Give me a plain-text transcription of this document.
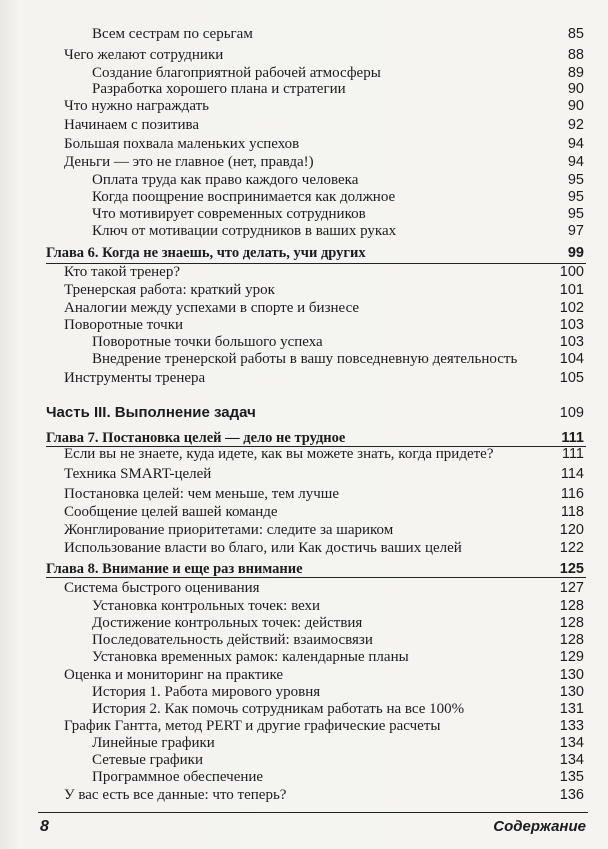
Всем сестрам по серьгам	85
Чего желают сотрудники	88
Создание благоприятной рабочей атмосферы	89
Разработка хорошего плана и стратегии	90
Что нужно награждать	90
Начинаем с позитива	92
Большая похвала маленьких успехов	94
Деньги — это не главное (нет, правда!)	94
Оплата труда как право каждого человека	95
Когда поощрение воспринимается как должное	95
Что мотивирует современных сотрудников	95
Ключ от мотивации сотрудников в ваших руках	97
Глава 6. Когда не знаешь, что делать, учи других	99
Кто такой тренер?	100
Тренерская работа: краткий урок	101
Аналогии между успехами в спорте и бизнесе	102
Поворотные точки	103
Поворотные точки большого успеха	103
Внедрение тренерской работы в вашу повседневную деятельность	104
Инструменты тренера	105
Часть III. Выполнение задач	109
Глава 7. Постановка целей — дело не трудное	111
Если вы не знаете, куда идете, как вы можете знать, когда придете?	111
Техника SMART-целей	114
Постановка целей: чем меньше, тем лучше	116
Сообщение целей вашей команде	118
Жонглирование приоритетами: следите за шариком	120
Использование власти во благо, или Как достичь ваших целей	122
Глава 8. Внимание и еще раз внимание	125
Система быстрого оценивания	127
Установка контрольных точек: вехи	128
Достижение контрольных точек: действия	128
Последовательность действий: взаимосвязи	128
Установка временных рамок: календарные планы	129
Оценка и мониторинг на практике	130
История 1. Работа мирового уровня	130
История 2. Как помочь сотрудникам работать на все 100%	131
График Гантта, метод PERT и другие графические расчеты	133
Линейные графики	134
Сетевые графики	134
Программное обеспечение	135
У вас есть все данные: что теперь?	136
8	Содержание
